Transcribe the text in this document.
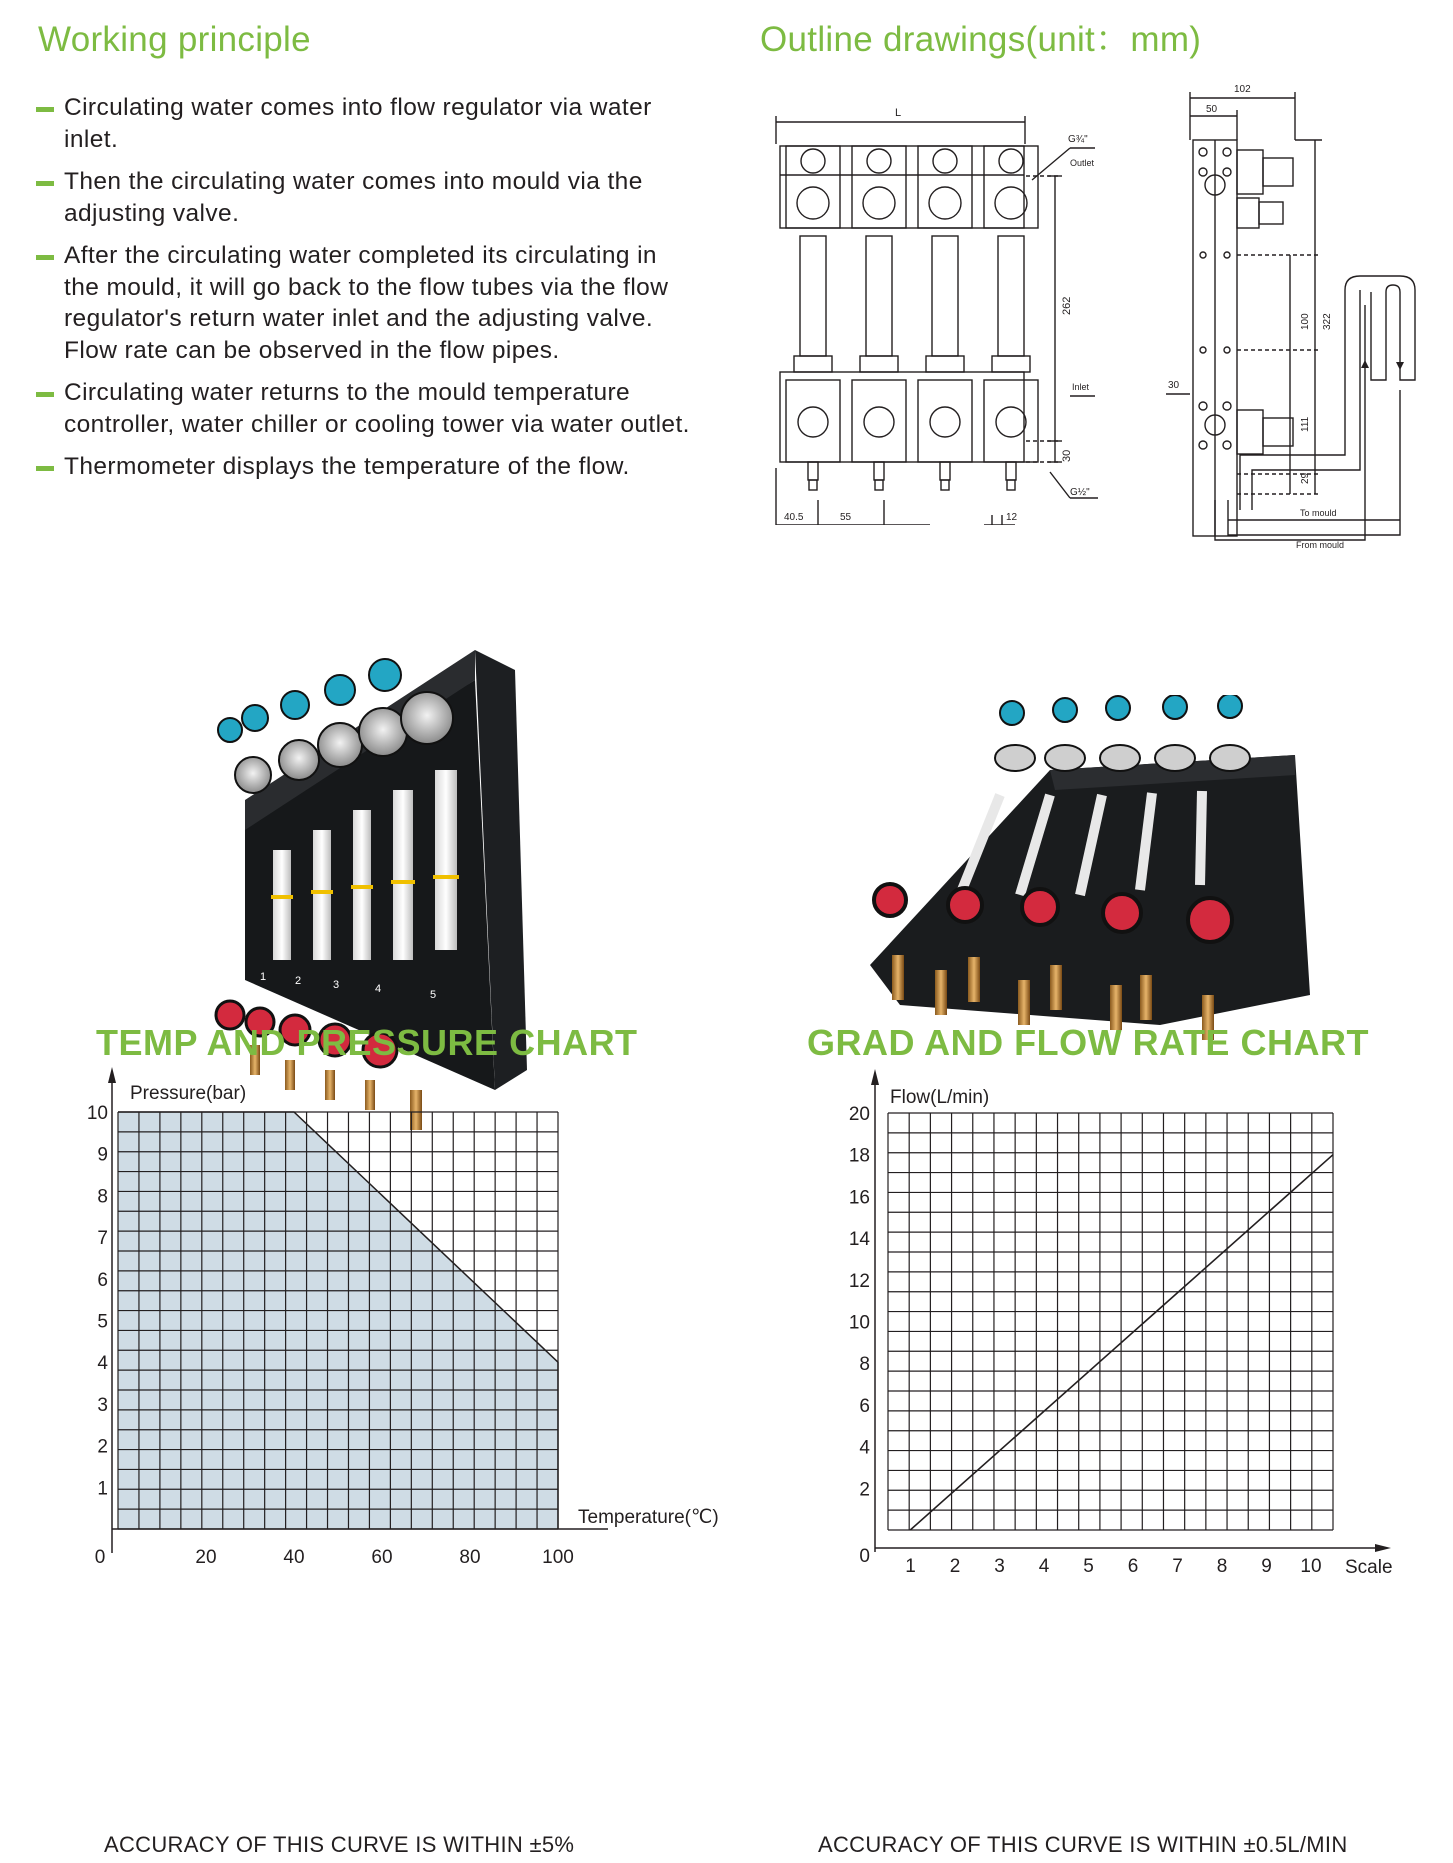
Working principle
Circulating water comes into flow regulator via water inlet.
Then the circulating water comes into mould via the adjusting valve.
After the circulating water completed its circulating in the mould, it will go back to the flow tubes via the flow regulator's return water inlet and the adjusting valve. Flow rate can be observed in the flow pipes.
Circulating water returns to the mould temperature controller, water chiller or cooling tower via water outlet.
Thermometer displays the temperature of the flow.
Outline drawings(unit：mm)
L
G¾"
Outlet
262
Inlet
30
G½"
40.5	55	12
102
50
100 322
30
111
29
To mould
From mould
1	2	3	4	5
TEMP AND PRESSURE CHART
0	20	40	60	80	100
1
2
3
4
5
6
7
8
9
10
Pressure(bar)
Temperature(℃)
ACCURACY OF THIS CURVE IS WITHIN ±5%
GRAD AND FLOW RATE CHART
1 2 3 4 5 6 7 8 9 10
0
2
4
6
8
10
12
14
16
18
20
Flow(L/min)
Scale
ACCURACY OF THIS CURVE IS WITHIN ±0.5L/MIN
